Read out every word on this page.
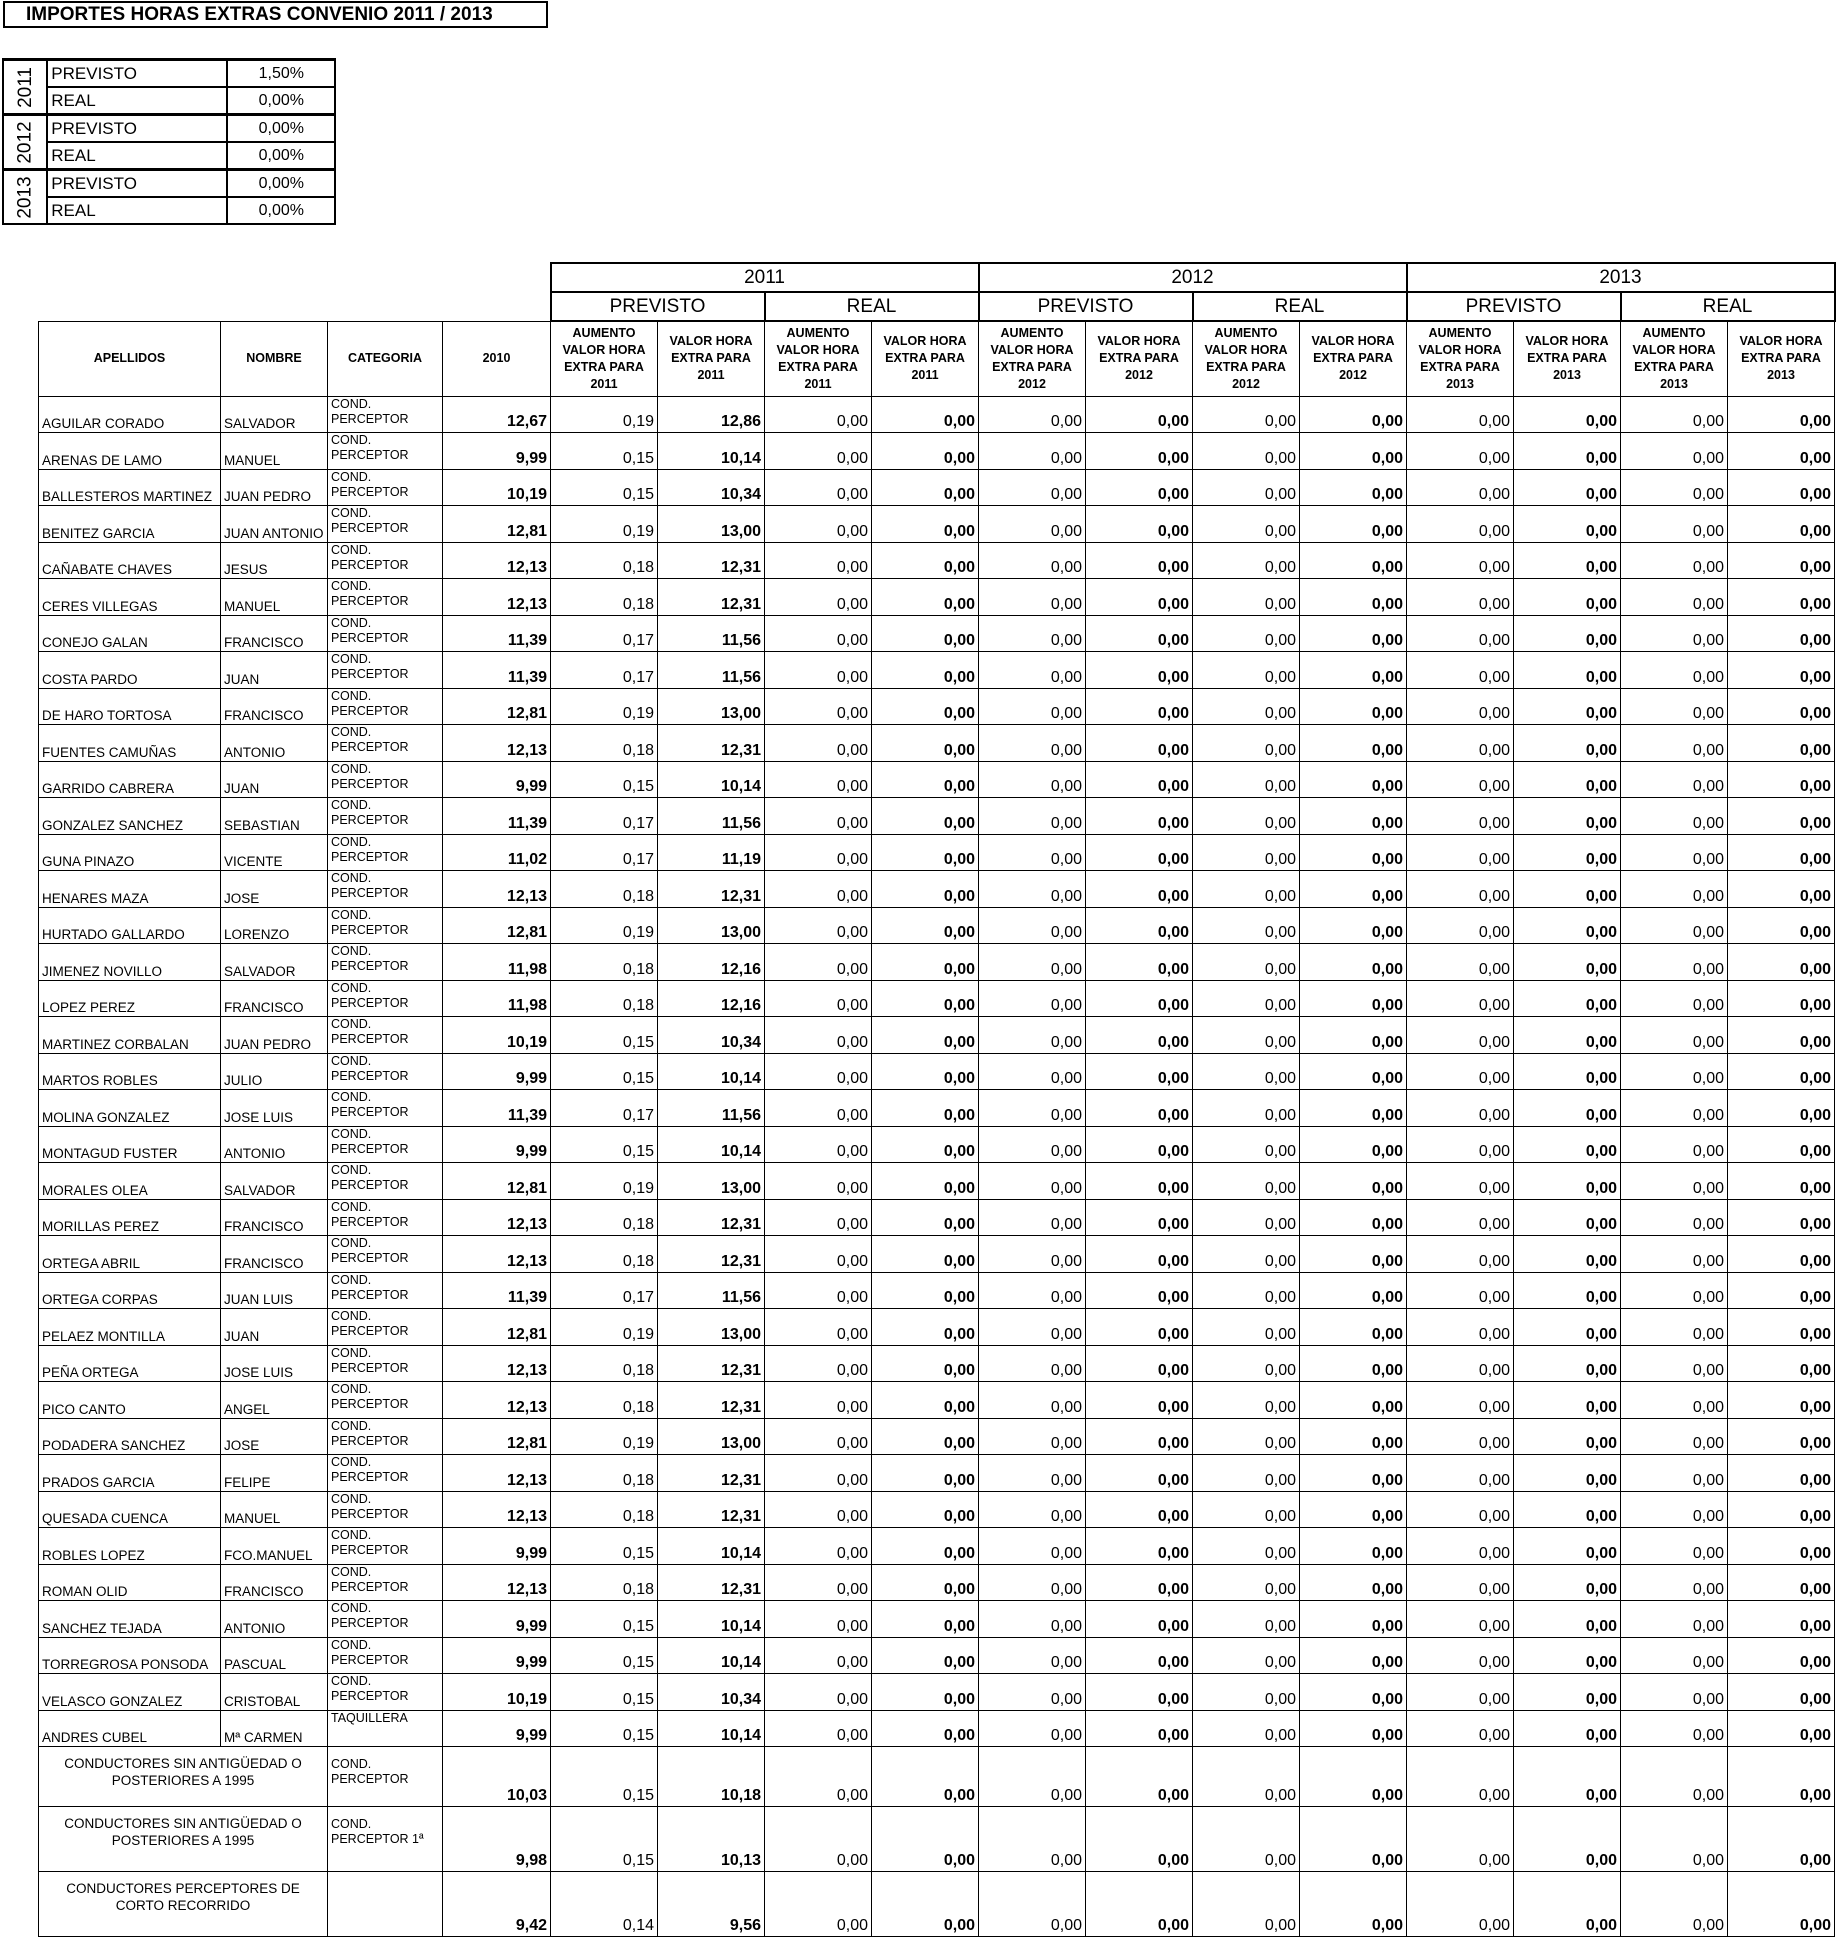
IMPORTES HORAS EXTRAS CONVENIO 2011 / 2013
2011	PREVISTO	1,50%
	REAL	0,00%
2012	PREVISTO	0,00%
	REAL	0,00%
2013	PREVISTO	0,00%
	REAL	0,00%
				2011				2012				2013			
				PREVISTO		REAL		PREVISTO		REAL		PREVISTO		REAL	
APELLIDOS	NOMBRE	CATEGORIA	2010	AUMENTO VALOR HORA EXTRA PARA 2011	VALOR HORA EXTRA PARA 2011	AUMENTO VALOR HORA EXTRA PARA 2011	VALOR HORA EXTRA PARA 2011	AUMENTO VALOR HORA EXTRA PARA 2012	VALOR HORA EXTRA PARA 2012	AUMENTO VALOR HORA EXTRA PARA 2012	VALOR HORA EXTRA PARA 2012	AUMENTO VALOR HORA EXTRA PARA 2013	VALOR HORA EXTRA PARA 2013	AUMENTO VALOR HORA EXTRA PARA 2013	VALOR HORA EXTRA PARA 2013
AGUILAR CORADO	SALVADOR	COND. PERCEPTOR	12,67	0,19	12,86	0,00	0,00	0,00	0,00	0,00	0,00	0,00	0,00	0,00	0,00
ARENAS DE LAMO	MANUEL	COND. PERCEPTOR	9,99	0,15	10,14	0,00	0,00	0,00	0,00	0,00	0,00	0,00	0,00	0,00	0,00
BALLESTEROS MARTINEZ	JUAN PEDRO	COND. PERCEPTOR	10,19	0,15	10,34	0,00	0,00	0,00	0,00	0,00	0,00	0,00	0,00	0,00	0,00
BENITEZ GARCIA	JUAN ANTONIO	COND. PERCEPTOR	12,81	0,19	13,00	0,00	0,00	0,00	0,00	0,00	0,00	0,00	0,00	0,00	0,00
CAÑABATE CHAVES	JESUS	COND. PERCEPTOR	12,13	0,18	12,31	0,00	0,00	0,00	0,00	0,00	0,00	0,00	0,00	0,00	0,00
CERES VILLEGAS	MANUEL	COND. PERCEPTOR	12,13	0,18	12,31	0,00	0,00	0,00	0,00	0,00	0,00	0,00	0,00	0,00	0,00
CONEJO GALAN	FRANCISCO	COND. PERCEPTOR	11,39	0,17	11,56	0,00	0,00	0,00	0,00	0,00	0,00	0,00	0,00	0,00	0,00
COSTA PARDO	JUAN	COND. PERCEPTOR	11,39	0,17	11,56	0,00	0,00	0,00	0,00	0,00	0,00	0,00	0,00	0,00	0,00
DE HARO TORTOSA	FRANCISCO	COND. PERCEPTOR	12,81	0,19	13,00	0,00	0,00	0,00	0,00	0,00	0,00	0,00	0,00	0,00	0,00
FUENTES CAMUÑAS	ANTONIO	COND. PERCEPTOR	12,13	0,18	12,31	0,00	0,00	0,00	0,00	0,00	0,00	0,00	0,00	0,00	0,00
GARRIDO CABRERA	JUAN	COND. PERCEPTOR	9,99	0,15	10,14	0,00	0,00	0,00	0,00	0,00	0,00	0,00	0,00	0,00	0,00
GONZALEZ SANCHEZ	SEBASTIAN	COND. PERCEPTOR	11,39	0,17	11,56	0,00	0,00	0,00	0,00	0,00	0,00	0,00	0,00	0,00	0,00
GUNA PINAZO	VICENTE	COND. PERCEPTOR	11,02	0,17	11,19	0,00	0,00	0,00	0,00	0,00	0,00	0,00	0,00	0,00	0,00
HENARES MAZA	JOSE	COND. PERCEPTOR	12,13	0,18	12,31	0,00	0,00	0,00	0,00	0,00	0,00	0,00	0,00	0,00	0,00
HURTADO GALLARDO	LORENZO	COND. PERCEPTOR	12,81	0,19	13,00	0,00	0,00	0,00	0,00	0,00	0,00	0,00	0,00	0,00	0,00
JIMENEZ NOVILLO	SALVADOR	COND. PERCEPTOR	11,98	0,18	12,16	0,00	0,00	0,00	0,00	0,00	0,00	0,00	0,00	0,00	0,00
LOPEZ PEREZ	FRANCISCO	COND. PERCEPTOR	11,98	0,18	12,16	0,00	0,00	0,00	0,00	0,00	0,00	0,00	0,00	0,00	0,00
MARTINEZ CORBALAN	JUAN PEDRO	COND. PERCEPTOR	10,19	0,15	10,34	0,00	0,00	0,00	0,00	0,00	0,00	0,00	0,00	0,00	0,00
MARTOS ROBLES	JULIO	COND. PERCEPTOR	9,99	0,15	10,14	0,00	0,00	0,00	0,00	0,00	0,00	0,00	0,00	0,00	0,00
MOLINA GONZALEZ	JOSE LUIS	COND. PERCEPTOR	11,39	0,17	11,56	0,00	0,00	0,00	0,00	0,00	0,00	0,00	0,00	0,00	0,00
MONTAGUD FUSTER	ANTONIO	COND. PERCEPTOR	9,99	0,15	10,14	0,00	0,00	0,00	0,00	0,00	0,00	0,00	0,00	0,00	0,00
MORALES OLEA	SALVADOR	COND. PERCEPTOR	12,81	0,19	13,00	0,00	0,00	0,00	0,00	0,00	0,00	0,00	0,00	0,00	0,00
MORILLAS PEREZ	FRANCISCO	COND. PERCEPTOR	12,13	0,18	12,31	0,00	0,00	0,00	0,00	0,00	0,00	0,00	0,00	0,00	0,00
ORTEGA ABRIL	FRANCISCO	COND. PERCEPTOR	12,13	0,18	12,31	0,00	0,00	0,00	0,00	0,00	0,00	0,00	0,00	0,00	0,00
ORTEGA CORPAS	JUAN LUIS	COND. PERCEPTOR	11,39	0,17	11,56	0,00	0,00	0,00	0,00	0,00	0,00	0,00	0,00	0,00	0,00
PELAEZ MONTILLA	JUAN	COND. PERCEPTOR	12,81	0,19	13,00	0,00	0,00	0,00	0,00	0,00	0,00	0,00	0,00	0,00	0,00
PEÑA ORTEGA	JOSE LUIS	COND. PERCEPTOR	12,13	0,18	12,31	0,00	0,00	0,00	0,00	0,00	0,00	0,00	0,00	0,00	0,00
PICO CANTO	ANGEL	COND. PERCEPTOR	12,13	0,18	12,31	0,00	0,00	0,00	0,00	0,00	0,00	0,00	0,00	0,00	0,00
PODADERA SANCHEZ	JOSE	COND. PERCEPTOR	12,81	0,19	13,00	0,00	0,00	0,00	0,00	0,00	0,00	0,00	0,00	0,00	0,00
PRADOS GARCIA	FELIPE	COND. PERCEPTOR	12,13	0,18	12,31	0,00	0,00	0,00	0,00	0,00	0,00	0,00	0,00	0,00	0,00
QUESADA CUENCA	MANUEL	COND. PERCEPTOR	12,13	0,18	12,31	0,00	0,00	0,00	0,00	0,00	0,00	0,00	0,00	0,00	0,00
ROBLES LOPEZ	FCO.MANUEL	COND. PERCEPTOR	9,99	0,15	10,14	0,00	0,00	0,00	0,00	0,00	0,00	0,00	0,00	0,00	0,00
ROMAN OLID	FRANCISCO	COND. PERCEPTOR	12,13	0,18	12,31	0,00	0,00	0,00	0,00	0,00	0,00	0,00	0,00	0,00	0,00
SANCHEZ TEJADA	ANTONIO	COND. PERCEPTOR	9,99	0,15	10,14	0,00	0,00	0,00	0,00	0,00	0,00	0,00	0,00	0,00	0,00
TORREGROSA PONSODA	PASCUAL	COND. PERCEPTOR	9,99	0,15	10,14	0,00	0,00	0,00	0,00	0,00	0,00	0,00	0,00	0,00	0,00
VELASCO GONZALEZ	CRISTOBAL	COND. PERCEPTOR	10,19	0,15	10,34	0,00	0,00	0,00	0,00	0,00	0,00	0,00	0,00	0,00	0,00
ANDRES CUBEL	Mª CARMEN	TAQUILLERA	9,99	0,15	10,14	0,00	0,00	0,00	0,00	0,00	0,00	0,00	0,00	0,00	0,00
CONDUCTORES SIN ANTIGÜEDAD O POSTERIORES A 1995		COND. PERCEPTOR	10,03	0,15	10,18	0,00	0,00	0,00	0,00	0,00	0,00	0,00	0,00	0,00	0,00
CONDUCTORES SIN ANTIGÜEDAD O POSTERIORES A 1995		COND. PERCEPTOR 1ª	9,98	0,15	10,13	0,00	0,00	0,00	0,00	0,00	0,00	0,00	0,00	0,00	0,00
CONDUCTORES PERCEPTORES DE CORTO RECORRIDO			9,42	0,14	9,56	0,00	0,00	0,00	0,00	0,00	0,00	0,00	0,00	0,00	0,00
